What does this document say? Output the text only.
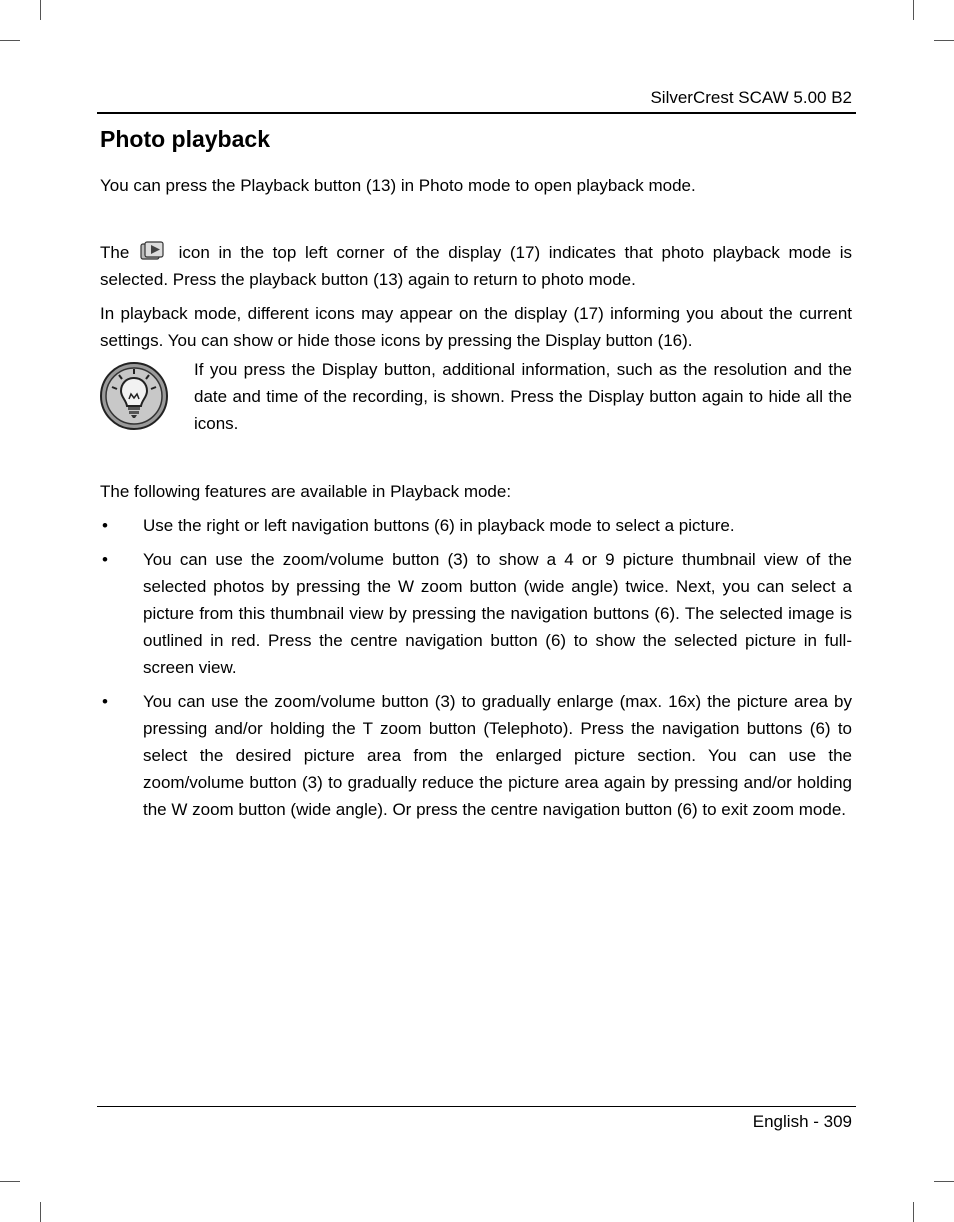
SilverCrest SCAW 5.00 B2
Photo playback

You can press the Playback button (13) in Photo mode to open playback mode.

The	icon in the top left corner of the display (17) indicates that photo playback mode is selected. Press the playback button (13) again to return to photo mode.

In playback mode, different icons may appear on the display (17) informing you about the current settings. You can show or hide those icons by pressing the Display button (16).

If you press the Display button, additional information, such as the resolution and the date and time of the recording, is shown. Press the Display button again to hide all the icons.

The following features are available in Playback mode:

• Use the right or left navigation buttons (6) in playback mode to select a picture.
• You can use the zoom/volume button (3) to show a 4 or 9 picture thumbnail view of the selected photos by pressing the W zoom button (wide angle) twice. Next, you can select a picture from this thumbnail view by pressing the navigation buttons (6). The selected image is outlined in red. Press the centre navigation button (6) to show the selected picture in full-screen view.
• You can use the zoom/volume button (3) to gradually enlarge (max. 16x) the picture area by pressing and/or holding the T zoom button (Telephoto). Press the navigation buttons (6) to select the desired picture area from the enlarged picture section. You can use the zoom/volume button (3) to gradually reduce the picture area again by pressing and/or holding the W zoom button (wide angle). Or press the centre navigation button (6) to exit zoom mode.
English - 309
